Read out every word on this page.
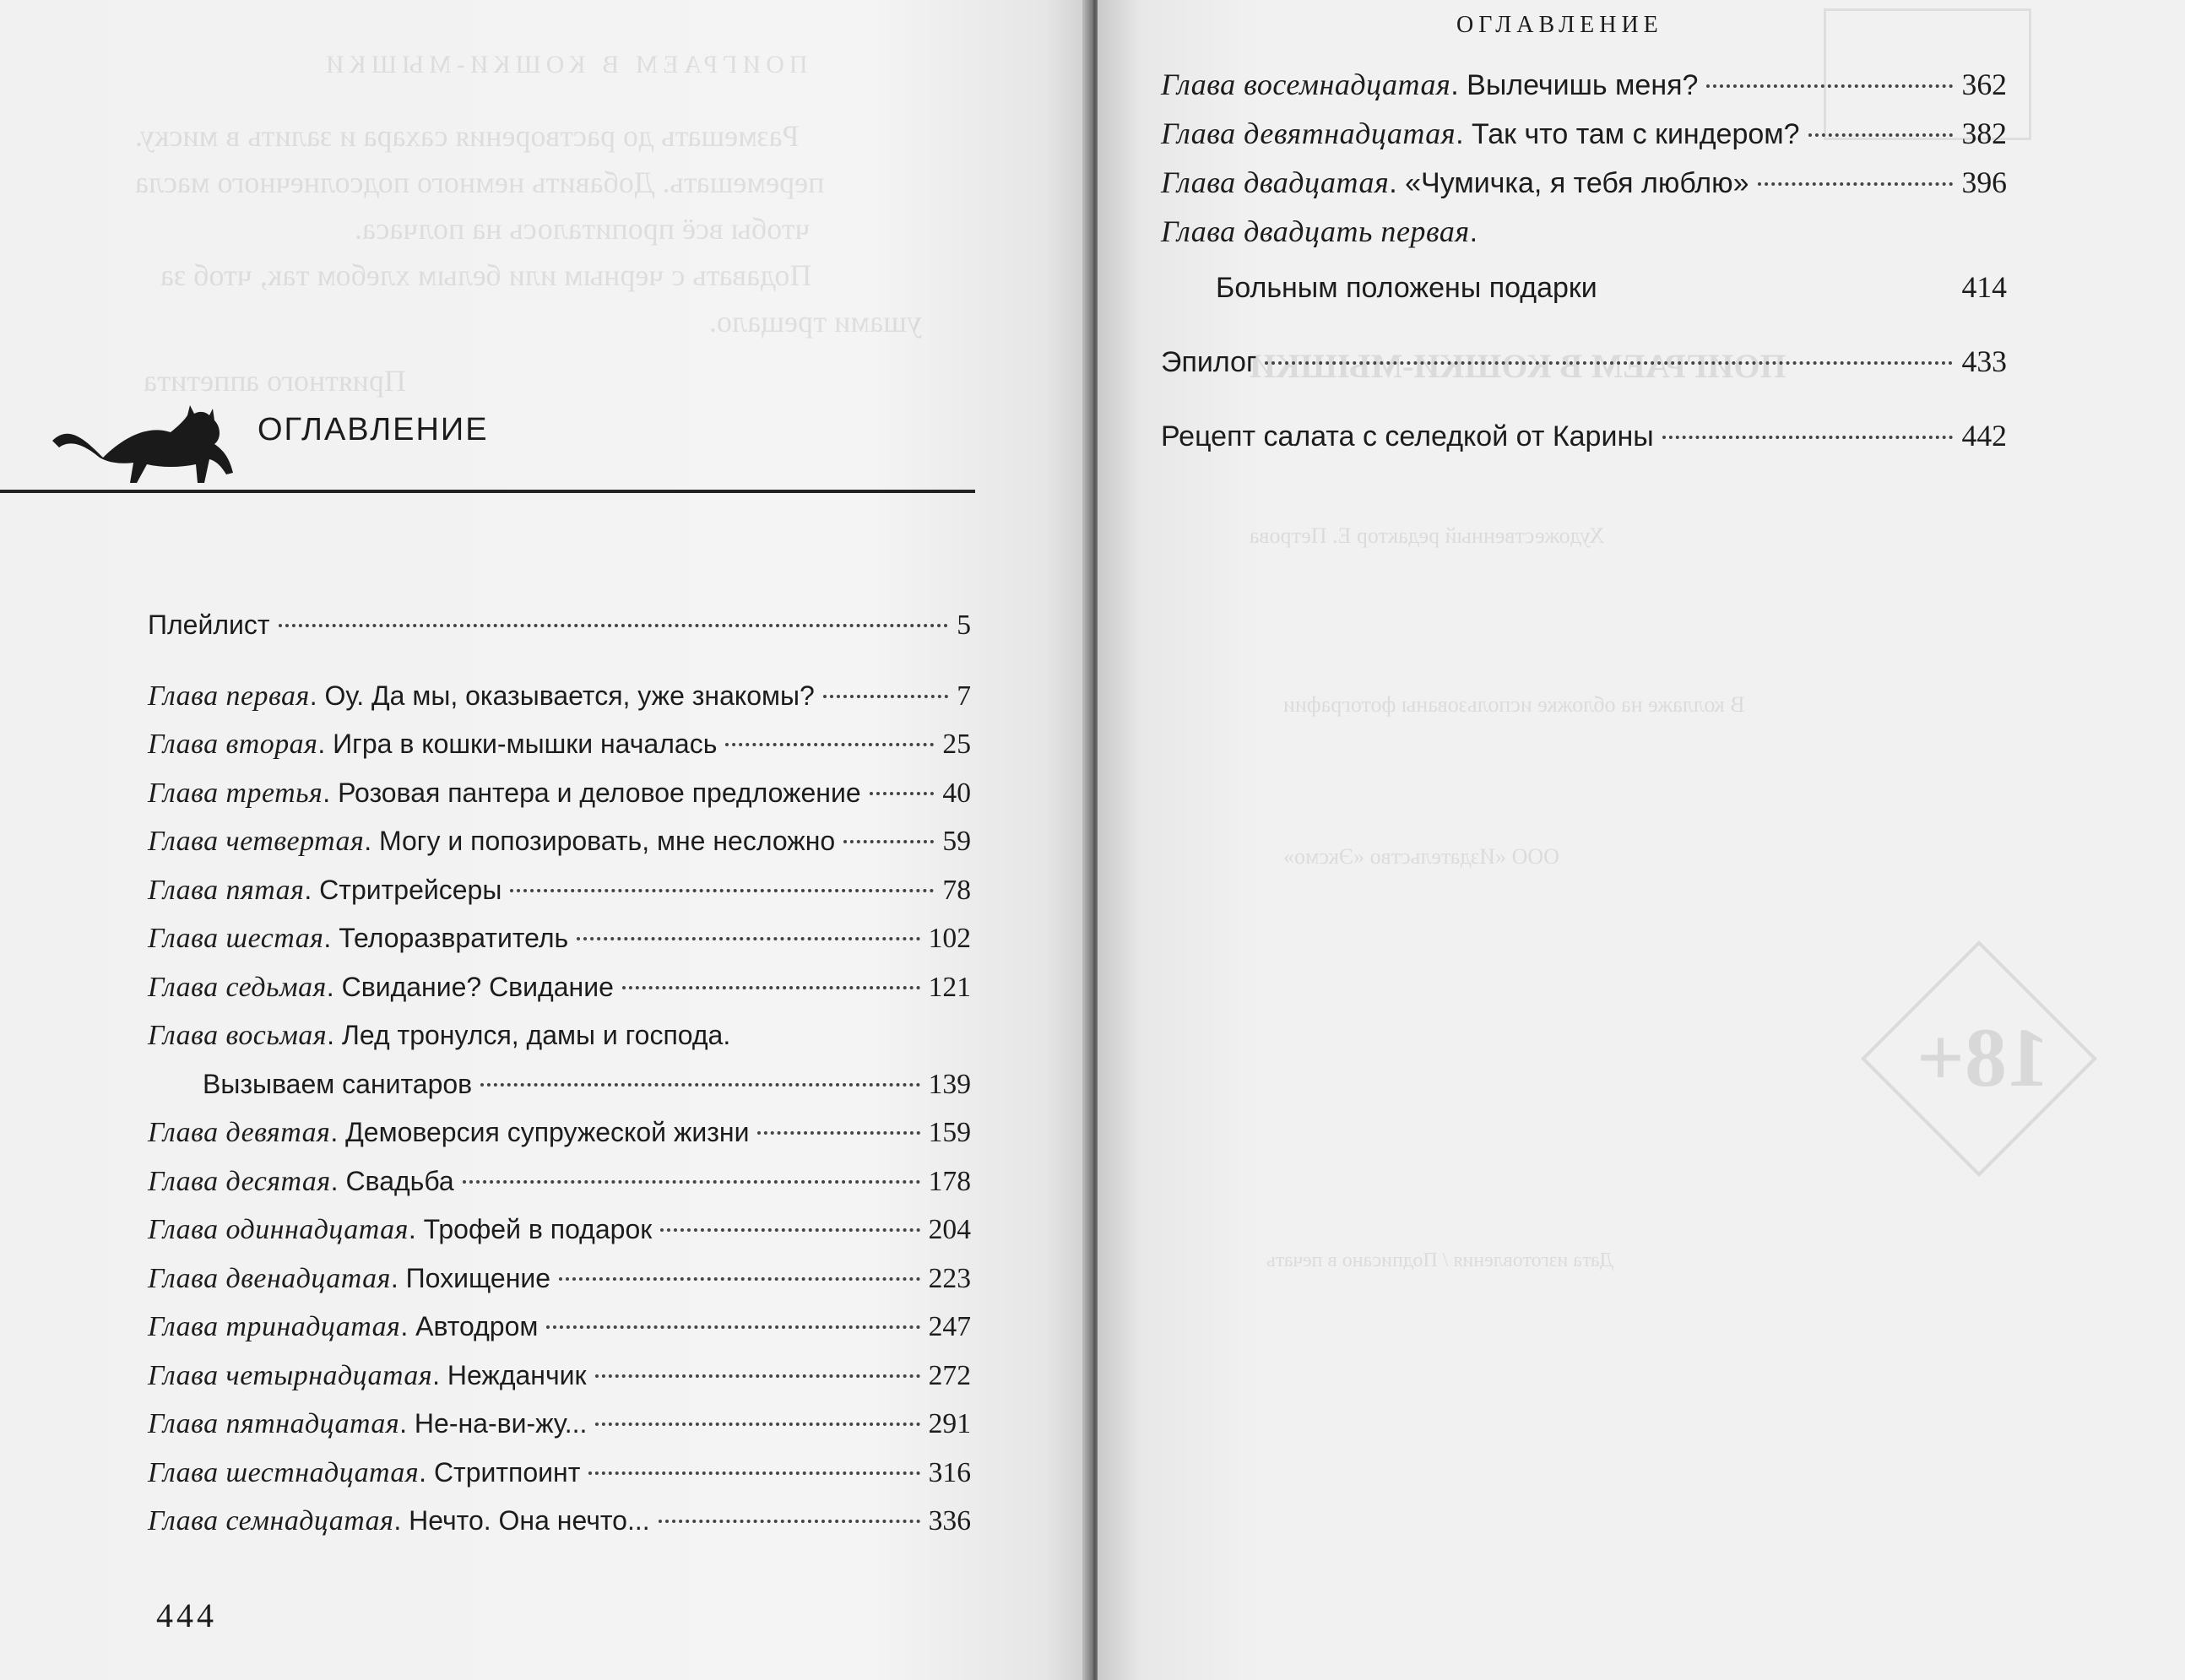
ПОИГРАЕМ В КОШКИ-МЫШКИ
Размешать до растворения сахара и залить в миску.
перемешать. Добавить немного подсолнечного масла
чтобы всё пропиталось на полчаса.
Подавать с черным или белым хлебом так, чтоб за
ушами трещало.
Приятного аппетита
ОГЛАВЛЕНИЕ
Плейлист	5
Глава первая. Оу. Да мы, оказывается, уже знакомы?	7
Глава вторая. Игра в кошки-мышки началась	25
Глава третья. Розовая пантера и деловое предложение	40
Глава четвертая. Могу и попозировать, мне несложно	59
Глава пятая. Стритрейсеры	78
Глава шестая. Телоразвратитель	102
Глава седьмая. Свидание? Свидание	121
Глава восьмая. Лед тронулся, дамы и господа.
Вызываем санитаров	139
Глава девятая. Демоверсия супружеской жизни	159
Глава десятая. Свадьба	178
Глава одиннадцатая. Трофей в подарок	204
Глава двенадцатая. Похищение	223
Глава тринадцатая. Автодром	247
Глава четырнадцатая. Нежданчик	272
Глава пятнадцатая. Не-на-ви-жу...	291
Глава шестнадцатая. Стритпоинт	316
Глава семнадцатая. Нечто. Она нечто...	336
444
ПОИГРАЕМ В КОШКИ-МЫШКИ
Художественный редактор Е. Петрова
В коллаже на обложке использованы фотографии
ООО «Издательство «Эксмо»
Дата изготовления / Подписано в печать
18+
ОГЛАВЛЕНИЕ
Глава восемнадцатая. Вылечишь меня?	362
Глава девятнадцатая. Так что там с киндером?	382
Глава двадцатая. «Чумичка, я тебя люблю»	396
Глава двадцать первая.
Больным положены подарки	414
Эпилог	433
Рецепт салата с селедкой от Карины	442
